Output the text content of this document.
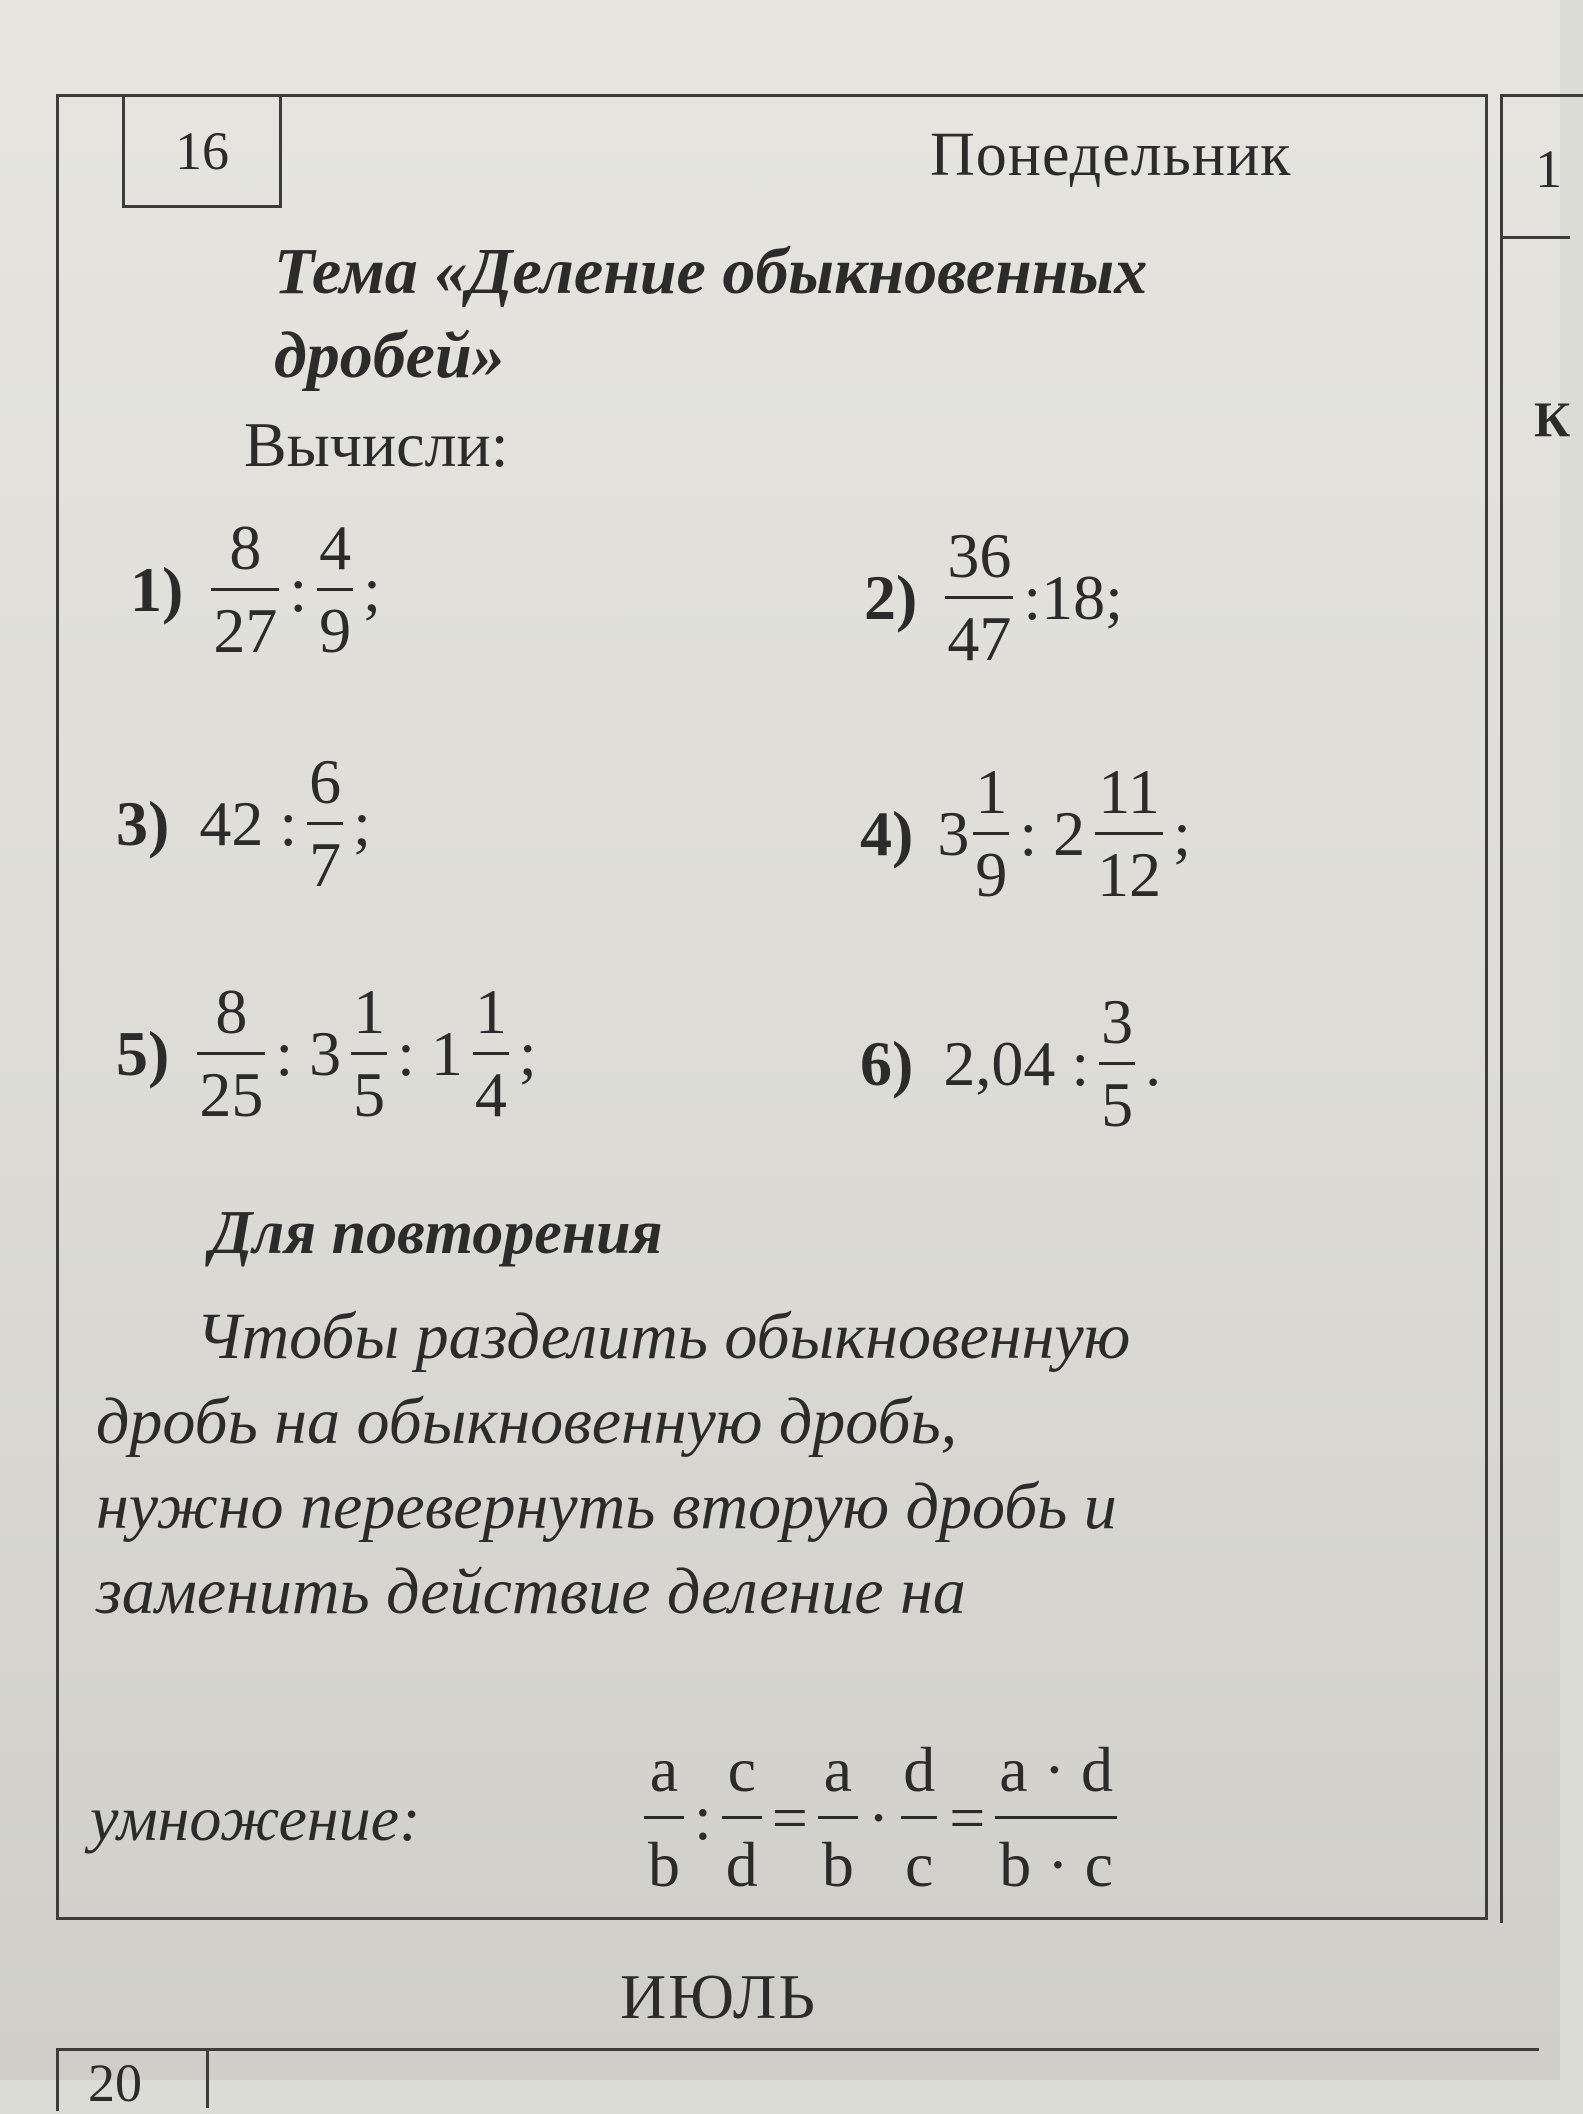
16	Понедельник	1
К
Тема «Деление обыкновенных
дробей»
Вычисли:
$1) \frac{8}{27}$ : $\frac{4}{9}$ ;	$2) \frac{36}{47}$ :18;
3) 42 : $\frac{6}{7}$ ;	4) $3 \frac{1}{9}$ : $2 \frac{11}{12}$ ;
$5) \frac{8}{25}$ : $3 \frac{1}{5}$ : $1 \frac{1}{4}$ ;	6) 2,04 : $\frac{3}{5}$ .
Для повторения
Чтобы разделить обыкновенную
дробь на обыкновенную дробь,
нужно перевернуть вторую дробь и
заменить действие деление на
умножение:	$\frac{a}{b}$ : $\frac{c}{d} = \frac{a}{b} \cdot \frac{d}{c} = \frac{a \cdot d}{b \cdot c}$
ИЮЛЬ
20
